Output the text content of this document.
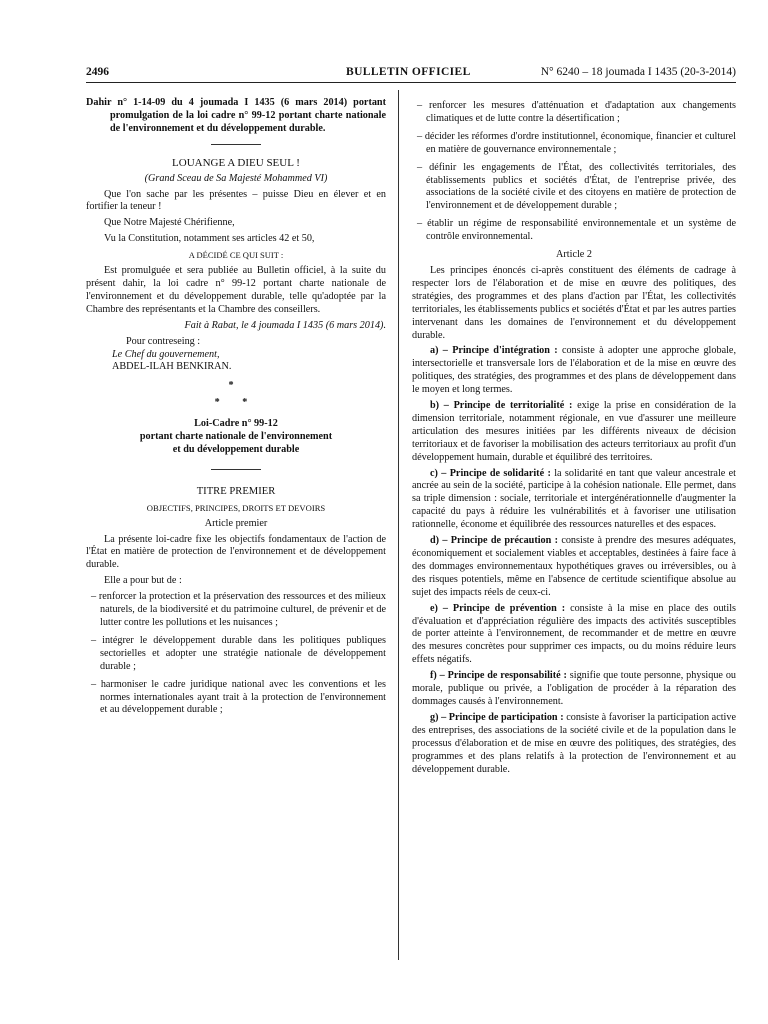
2496	BULLETIN OFFICIEL	N° 6240 – 18 joumada I 1435 (20-3-2014)

Dahir n° 1-14-09 du 4 joumada I 1435 (6 mars 2014) portant promulgation de la loi cadre n° 99-12 portant charte nationale de l'environnement et du développement durable.

LOUANGE A DIEU SEUL !

(Grand Sceau de Sa Majesté Mohammed VI)

Que l'on sache par les présentes – puisse Dieu en élever et en fortifier la teneur !

Que Notre Majesté Chérifienne,

Vu la Constitution, notamment ses articles 42 et 50,

A DÉCIDÉ CE QUI SUIT :

Est promulguée et sera publiée au Bulletin officiel, à la suite du présent dahir, la loi cadre n° 99-12 portant charte nationale de l'environnement et du développement durable, telle qu'adoptée par la Chambre des représentants et la Chambre des conseillers.

Fait à Rabat, le 4 joumada I 1435 (6 mars 2014).

Pour contreseing :

Le Chef du gouvernement,

ABDEL-ILAH BENKIRAN.

*

* *

Loi-Cadre n° 99-12

portant charte nationale de l'environnement

et du développement durable

TITRE PREMIER

OBJECTIFS, PRINCIPES, DROITS ET DEVOIRS

Article premier

La présente loi-cadre fixe les objectifs fondamentaux de l'action de l'État en matière de protection de l'environnement et de développement durable.

Elle a pour but de :

– renforcer la protection et la préservation des ressources et des milieux naturels, de la biodiversité et du patrimoine culturel, de prévenir et de lutter contre les pollutions et les nuisances ;

– intégrer le développement durable dans les politiques publiques sectorielles et adopter une stratégie nationale de développement durable ;

– harmoniser le cadre juridique national avec les conventions et les normes internationales ayant trait à la protection de l'environnement et au développement durable ;

– renforcer les mesures d'atténuation et d'adaptation aux changements climatiques et de lutte contre la désertification ;

– décider les réformes d'ordre institutionnel, économique, financier et culturel en matière de gouvernance environnementale ;

– définir les engagements de l'État, des collectivités territoriales, des établissements publics et sociétés d'État, de l'entreprise privée, des associations de la société civile et des citoyens en matière de protection de l'environnement et de développement durable ;

– établir un régime de responsabilité environnementale et un système de contrôle environnemental.

Article 2

Les principes énoncés ci-après constituent des éléments de cadrage à respecter lors de l'élaboration et de mise en œuvre des politiques, des stratégies, des programmes et des plans d'action par l'État, les collectivités territoriales, les établissements publics et sociétés d'État et par les autres parties intervenant dans les domaines de l'environnement et du développement durable.

a) – Principe d'intégration : consiste à adopter une approche globale, intersectorielle et transversale lors de l'élaboration et de la mise en œuvre des politiques, des stratégies, des programmes et des plans de développement dans le moyen et long termes.

b) – Principe de territorialité : exige la prise en considération de la dimension territoriale, notamment régionale, en vue d'assurer une meilleure articulation des mesures initiées par les différents niveaux de décision territoriaux et de favoriser la mobilisation des acteurs territoriaux au profit d'un développement humain, durable et équilibré des territoires.

c) – Principe de solidarité : la solidarité en tant que valeur ancestrale et ancrée au sein de la société, participe à la cohésion nationale. Elle permet, dans sa triple dimension : sociale, territoriale et intergénérationnelle d'augmenter la capacité du pays à réduire les vulnérabilités et à favoriser une utilisation rationnelle, économe et équilibrée des ressources naturelles et des espaces.

d) – Principe de précaution : consiste à prendre des mesures adéquates, économiquement et socialement viables et acceptables, destinées à faire face à des dommages environnementaux hypothétiques graves ou irréversibles, ou à des risques potentiels, même en l'absence de certitude scientifique absolue au sujet des impacts réels de ceux-ci.

e) – Principe de prévention : consiste à la mise en place des outils d'évaluation et d'appréciation régulière des impacts des activités susceptibles de porter atteinte à l'environnement, de recommander et de mettre en œuvre des mesures concrètes pour supprimer ces impacts, ou du moins réduire leurs effets négatifs.

f) – Principe de responsabilité : signifie que toute personne, physique ou morale, publique ou privée, a l'obligation de procéder à la réparation des dommages causés à l'environnement.

g) – Principe de participation : consiste à favoriser la participation active des entreprises, des associations de la société civile et de la population dans le processus d'élaboration et de mise en œuvre des politiques, des stratégies, des programmes et des plans relatifs à la protection de l'environnement et au développement durable.
